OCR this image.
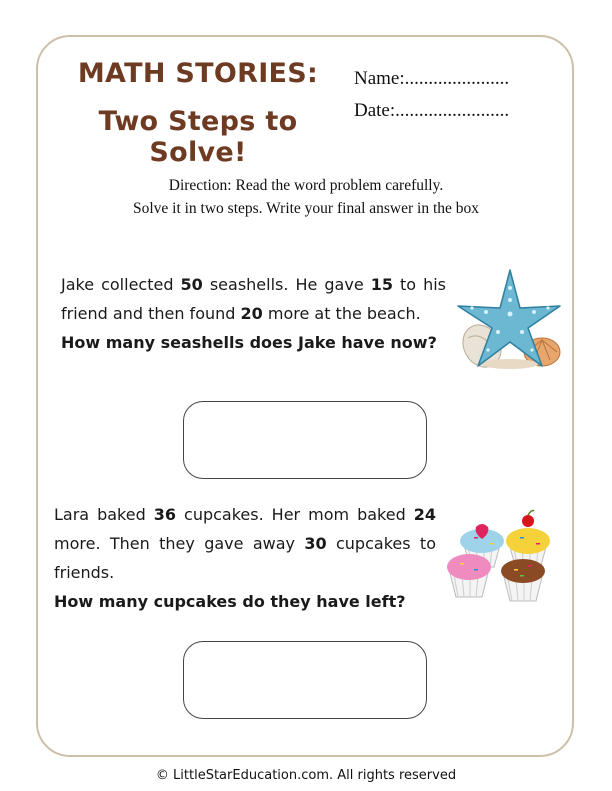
MATH STORIES:
Two Steps to Solve!
Name:......................
Date:........................
Direction: Read the word problem carefully.
Solve it in two steps. Write your final answer in the box
Jake collected 50 seashells. He gave 15 to his friend and then found 20 more at the beach.
How many seashells does Jake have now?
Lara baked 36 cupcakes. Her mom baked 24 more. Then they gave away 30 cupcakes to friends.
How many cupcakes do they have left?
© LittleStarEducation.com. All rights reserved
